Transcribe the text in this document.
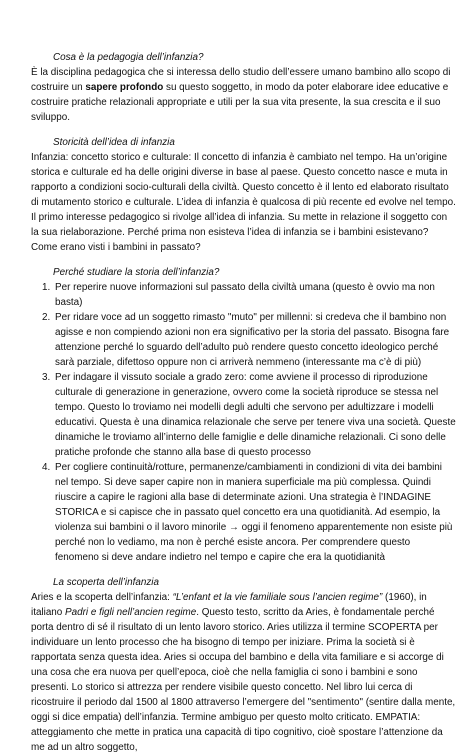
Cosa è la pedagogia dell’infanzia?

È la disciplina pedagogica che si interessa dello studio dell’essere umano bambino allo scopo di costruire un sapere profondo su questo soggetto, in modo da poter elaborare idee educative e costruire pratiche relazionali appropriate e utili per la sua vita presente, la sua crescita e il suo sviluppo.

Storicità dell’idea di infanzia

Infanzia: concetto storico e culturale: Il concetto di infanzia è cambiato nel tempo. Ha un’origine storica e culturale ed ha delle origini diverse in base al paese. Questo concetto nasce e muta in rapporto a condizioni socio-culturali della civiltà. Questo concetto è il lento ed elaborato risultato di mutamento storico e culturale. L’idea di infanzia è qualcosa di più recente ed evolve nel tempo. Il primo interesse pedagogico si rivolge all’idea di infanzia. Su mette in relazione il soggetto con la sua rielaborazione. Perché prima non esisteva l’idea di infanzia se i bambini esistevano? Come erano visti i bambini in passato?

Perché studiare la storia dell’infanzia?

1. Per reperire nuove informazioni sul passato della civiltà umana (questo è ovvio ma non basta)
2. Per ridare voce ad un soggetto rimasto "muto" per millenni: si credeva che il bambino non agisse e non compiendo azioni non era significativo per la storia del passato. Bisogna fare attenzione perché lo sguardo dell’adulto può rendere questo concetto ideologico perché sarà parziale, difettoso oppure non ci arriverà nemmeno (interessante ma c’è di più)
3. Per indagare il vissuto sociale a grado zero: come avviene il processo di riproduzione culturale di generazione in generazione, ovvero come la società riproduce se stessa nel tempo. Questo lo troviamo nei modelli degli adulti che servono per adultizzare i modelli educativi. Questa è una dinamica relazionale che serve per tenere viva una società. Queste dinamiche le troviamo all’interno delle famiglie e delle dinamiche relazionali. Ci sono delle pratiche profonde che stanno alla base di questo processo
4. Per cogliere continuità/rotture, permanenze/cambiamenti in condizioni di vita dei bambini nel tempo. Si deve saper capire non in maniera superficiale ma più complessa. Quindi riuscire a capire le ragioni alla base di determinate azioni. Una strategia è l’INDAGINE STORICA e si capisce che in passato quel concetto era una quotidianità. Ad esempio, la violenza sui bambini o il lavoro minorile → oggi il fenomeno apparentemente non esiste più perché non lo vediamo, ma non è perché esiste ancora. Per comprendere questo fenomeno si deve andare indietro nel tempo e capire che era la quotidianità

La scoperta dell’infanzia

Aries e la scoperta dell’infanzia: “L’enfant et la vie familiale sous l’ancien regime” (1960), in italiano Padri e figli nell’ancien regime. Questo testo, scritto da Aries, è fondamentale perché porta dentro di sé il risultato di un lento lavoro storico. Aries utilizza il termine SCOPERTA per individuare un lento processo che ha bisogno di tempo per iniziare. Prima la società si è rapportata senza questa idea. Aries si occupa del bambino e della vita familiare e si accorge di una cosa che era nuova per quell’epoca, cioè che nella famiglia ci sono i bambini e sono presenti. Lo storico si attrezza per rendere visibile questo concetto. Nel libro lui cerca di ricostruire il periodo dal 1500 al 1800 attraverso l’emergere del "sentimento" (sentire dalla mente, oggi si dice empatia) dell’infanzia. Termine ambiguo per questo molto criticato. EMPATIA: atteggiamento che mette in pratica una capacità di tipo cognitivo, cioè spostare l’attenzione da me ad un altro soggetto,
